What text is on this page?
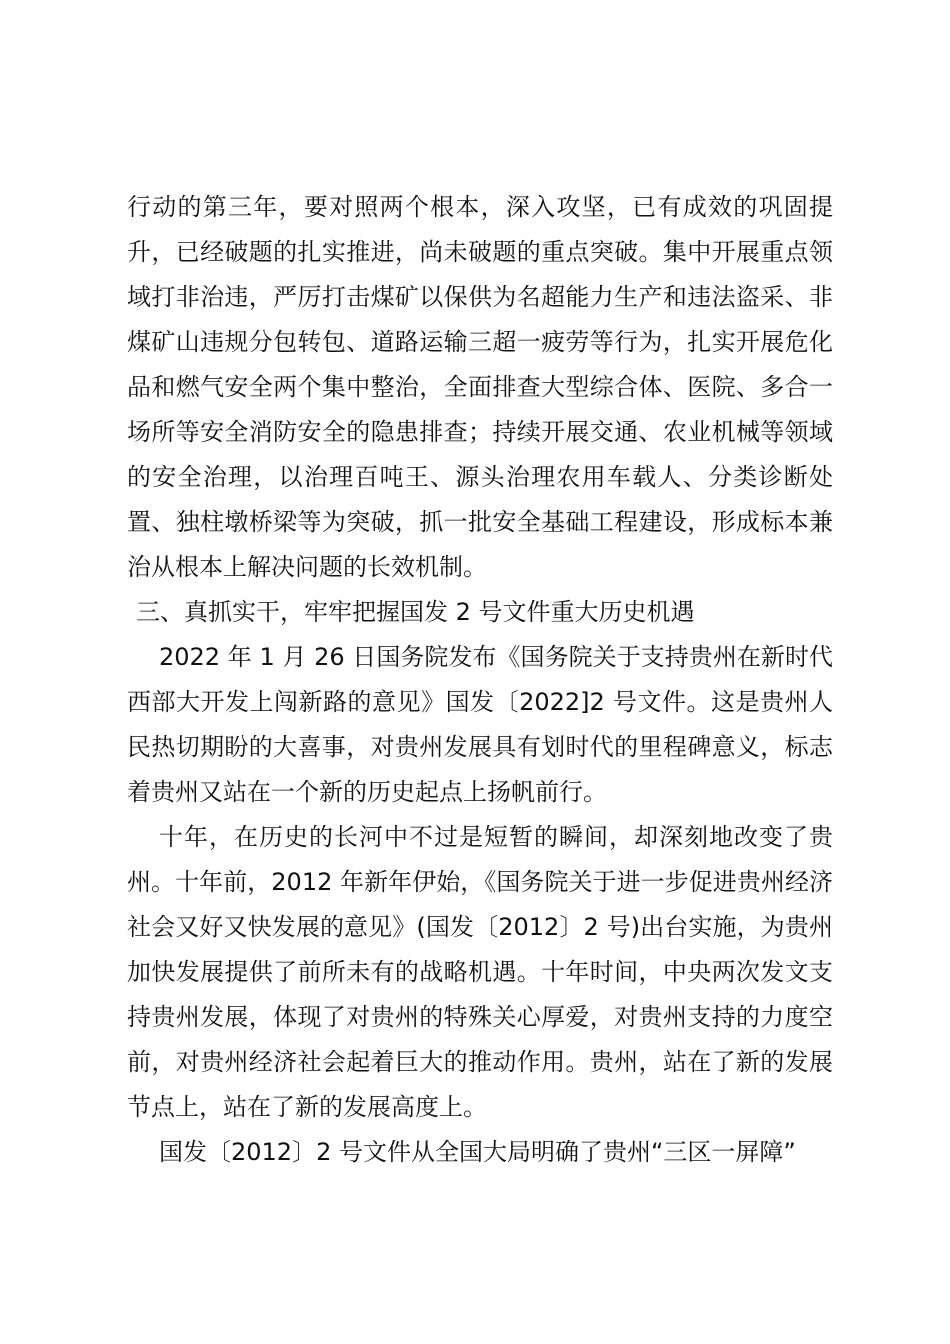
行动的第三年，要对照两个根本，深入攻坚，已有成效的巩固提升，已经破题的扎实推进，尚未破题的重点突破。集中开展重点领域打非治违，严厉打击煤矿以保供为名超能力生产和违法盗采、非煤矿山违规分包转包、道路运输三超一疲劳等行为，扎实开展危化品和燃气安全两个集中整治，全面排查大型综合体、医院、多合一场所等安全消防安全的隐患排查；持续开展交通、农业机械等领域的安全治理，以治理百吨王、源头治理农用车载人、分类诊断处置、独柱墩桥梁等为突破，抓一批安全基础工程建设，形成标本兼治从根本上解决问题的长效机制。

三、真抓实干，牢牢把握国发 2 号文件重大历史机遇

2022 年 1 月 26 日国务院发布《国务院关于支持贵州在新时代西部大开发上闯新路的意见》国发〔2022]2 号文件。这是贵州人民热切期盼的大喜事，对贵州发展具有划时代的里程碑意义，标志着贵州又站在一个新的历史起点上扬帆前行。

十年，在历史的长河中不过是短暂的瞬间，却深刻地改变了贵州。十年前，2012 年新年伊始，《国务院关于进一步促进贵州经济社会又好又快发展的意见》(国发〔2012〕2 号)出台实施，为贵州加快发展提供了前所未有的战略机遇。十年时间，中央两次发文支持贵州发展，体现了对贵州的特殊关心厚爱，对贵州支持的力度空前，对贵州经济社会起着巨大的推动作用。贵州，站在了新的发展节点上，站在了新的发展高度上。

国发〔2012〕2 号文件从全国大局明确了贵州“三区一屏障”
